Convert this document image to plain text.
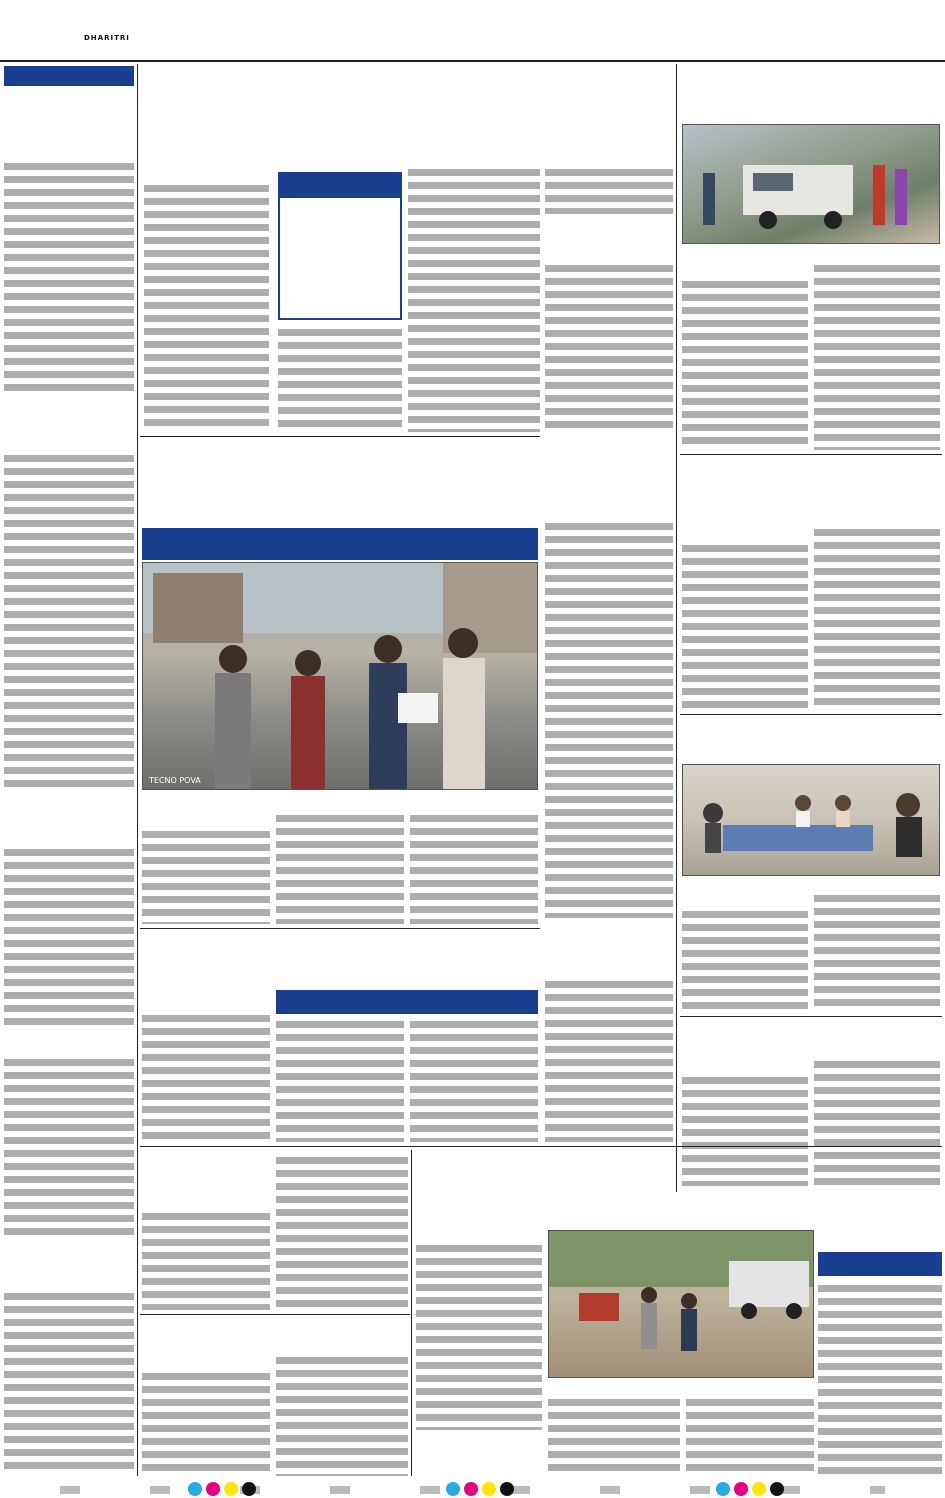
DHARITRI
TECNO POVA
